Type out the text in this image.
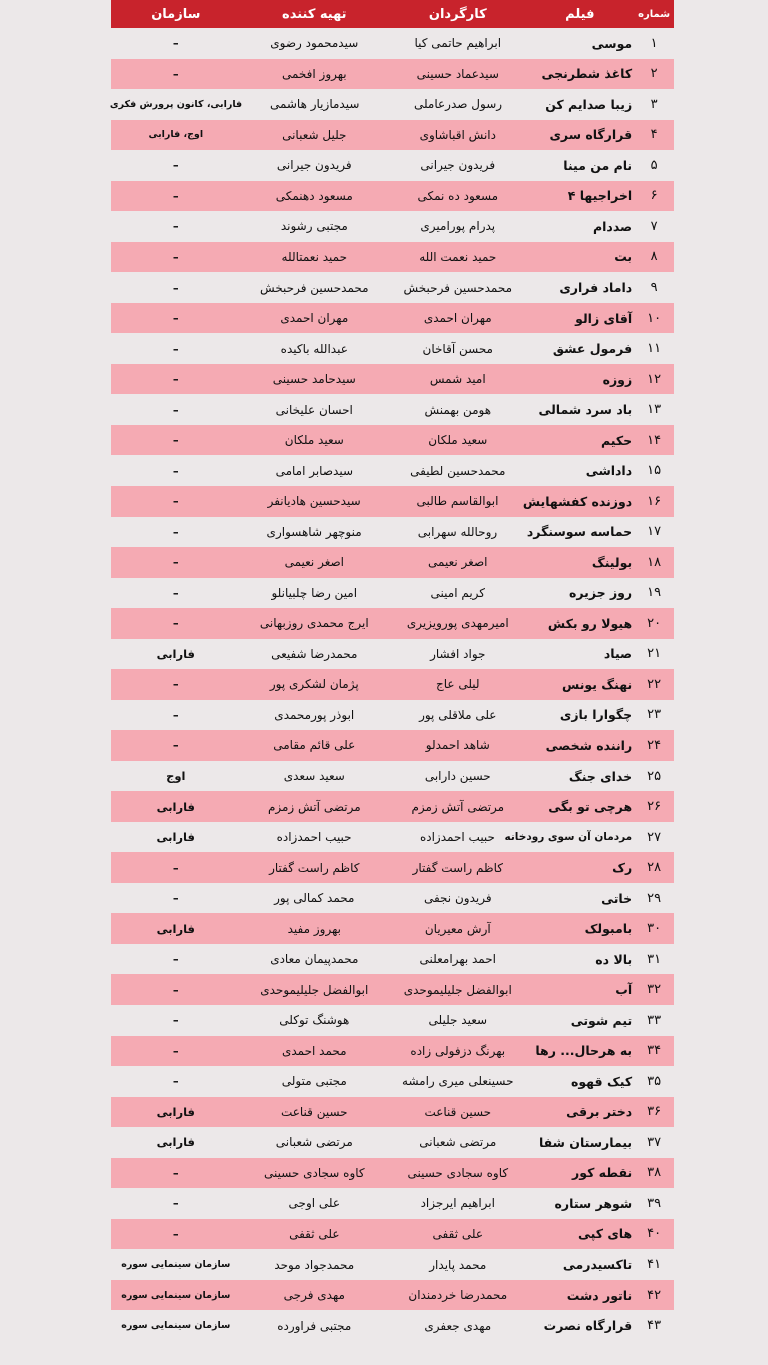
شماره
فیلم
کارگردان
تهیه کننده
سازمان
۱
موسی
ابراهیم حاتمی کیا
سیدمحمود رضوی
–
۲
کاغذ شطرنجی
سیدعماد حسینی
بهروز افخمی
–
۳
زیبا صدایم کن
رسول صدرعاملی
سیدمازیار هاشمی
فارابی، کانون پرورش فکری
۴
قرارگاه سری
دانش اقباشاوی
جلیل شعبانی
اوج، فارابی
۵
نام من مینا
فریدون جیرانی
فریدون جیرانی
–
۶
اخراجیها ۴
مسعود ده نمکی
مسعود دهنمکی
–
۷
صددام
پدرام پورامیری
مجتبی رشوند
–
۸
بت
حمید نعمت الله
حمید نعمتالله
–
۹
داماد فراری
محمدحسین فرحبخش
محمدحسین فرحبخش
–
۱۰
آقای زالو
مهران احمدی
مهران احمدی
–
۱۱
فرمول عشق
محسن آقاخان
عبدالله باکیده
–
۱۲
زوزه
امید شمس
سیدحامد حسینی
–
۱۳
باد سرد شمالی
هومن بهمنش
احسان علیخانی
–
۱۴
حکیم
سعید ملکان
سعید ملکان
–
۱۵
داداشی
محمدحسین لطیفی
سیدصابر امامی
–
۱۶
دوزنده کفشهایش
ابوالقاسم طالبی
سیدحسین هادیانفر
–
۱۷
حماسه سوسنگرد
روحالله سهرابی
منوچهر شاهسواری
–
۱۸
بولینگ
اصغر نعیمی
اصغر نعیمی
–
۱۹
روز جزیره
کریم امینی
امین رضا چلبیانلو
–
۲۰
هیولا رو بکش
امیرمهدی پورویزیری
ایرج محمدی روزبهانی
–
۲۱
صیاد
جواد افشار
محمدرضا شفیعی
فارابی
۲۲
نهنگ یونس
لیلی عاج
پژمان لشکری پور
–
۲۳
چگوارا بازی
علی ملاقلی پور
ابوذر پورمحمدی
–
۲۴
راننده شخصی
شاهد احمدلو
علی قائم مقامی
–
۲۵
خدای جنگ
حسین دارابی
سعید سعدی
اوج
۲۶
هرچی تو بگی
مرتضی آتش زمزم
مرتضی آتش زمزم
فارابی
۲۷
مردمان آن سوی رودخانه
حبیب احمدزاده
حبیب احمدزاده
فارابی
۲۸
رک
کاظم راست گفتار
کاظم راست گفتار
–
۲۹
خاتی
فریدون نجفی
محمد کمالی پور
–
۳۰
بامبولک
آرش معیریان
بهروز مفید
فارابی
۳۱
بالا ده
احمد بهرامعلنی
محمدپیمان معادی
–
۳۲
آب
ابوالفضل جلیلیموحدی
ابوالفضل جلیلیموحدی
–
۳۳
تیم شوتی
سعید جلیلی
هوشنگ توکلی
–
۳۴
به هرحال... رها
بهرنگ دزفولی زاده
محمد احمدی
–
۳۵
کیک قهوه
حسینعلی میری رامشه
مجتبی متولی
–
۳۶
دختر برقی
حسین قناعت
حسین قناعت
فارابی
۳۷
بیمارستان شفا
مرتضی شعبانی
مرتضی شعبانی
فارابی
۳۸
نقطه کور
کاوه سجادی حسینی
کاوه سجادی حسینی
–
۳۹
شوهر ستاره
ابراهیم ایرجزاد
علی اوجی
–
۴۰
های کپی
علی ثقفی
علی ثقفی
–
۴۱
تاکسیدرمی
محمد پایدار
محمدجواد موحد
سازمان سینمایی سوره
۴۲
ناتور دشت
محمدرضا خردمندان
مهدی فرجی
سازمان سینمایی سوره
۴۳
قرارگاه نصرت
مهدی جعفری
مجتبی فراورده
سازمان سینمایی سوره
